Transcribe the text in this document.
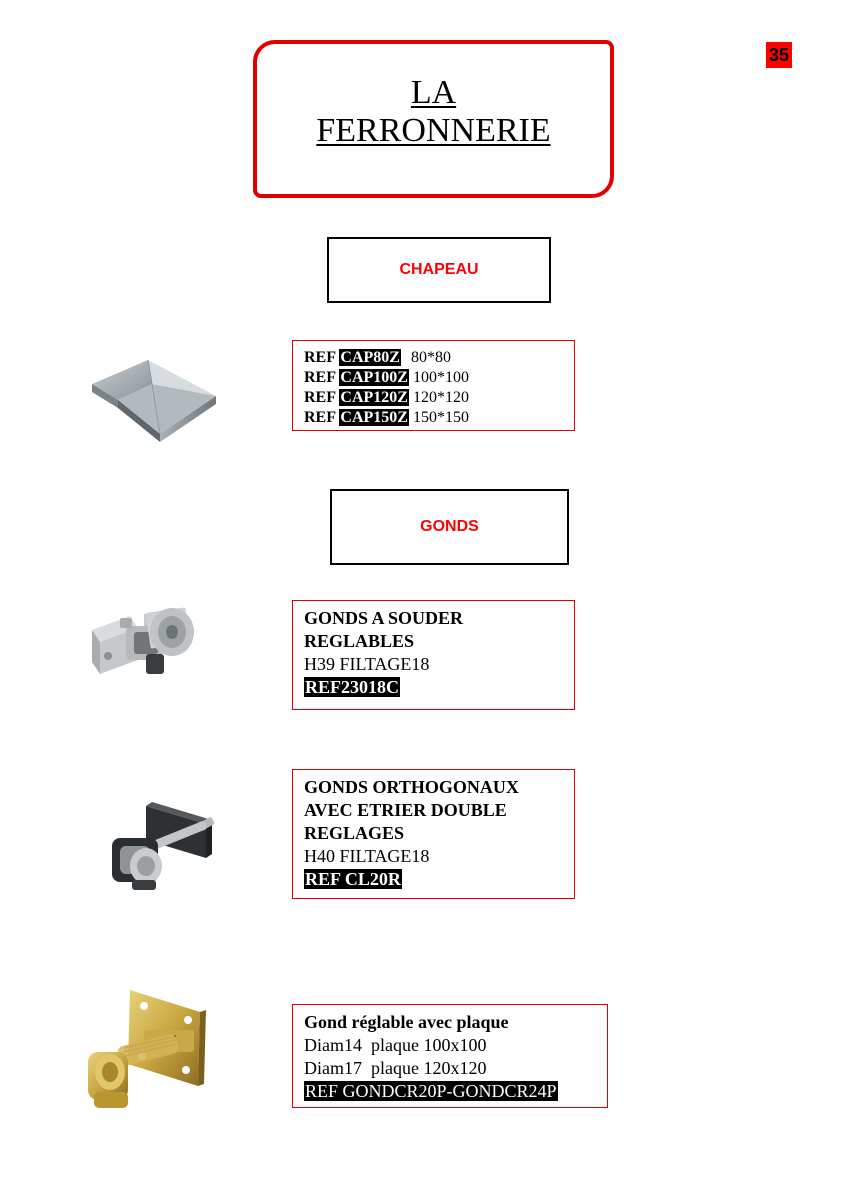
35
LA
FERRONNERIE
CHAPEAU
REF CAP80Z 80*80
REF CAP100Z 100*100
REF CAP120Z 120*120
REF CAP150Z 150*150
GONDS
GONDS A SOUDER
REGLABLES
H39 FILTAGE18
REF23018C
GONDS ORTHOGONAUX
AVEC ETRIER DOUBLE
REGLAGES
H40 FILTAGE18
REF CL20R
Gond réglable avec plaque
Diam14  plaque 100x100
Diam17  plaque 120x120
REF GONDCR20P-GONDCR24P
